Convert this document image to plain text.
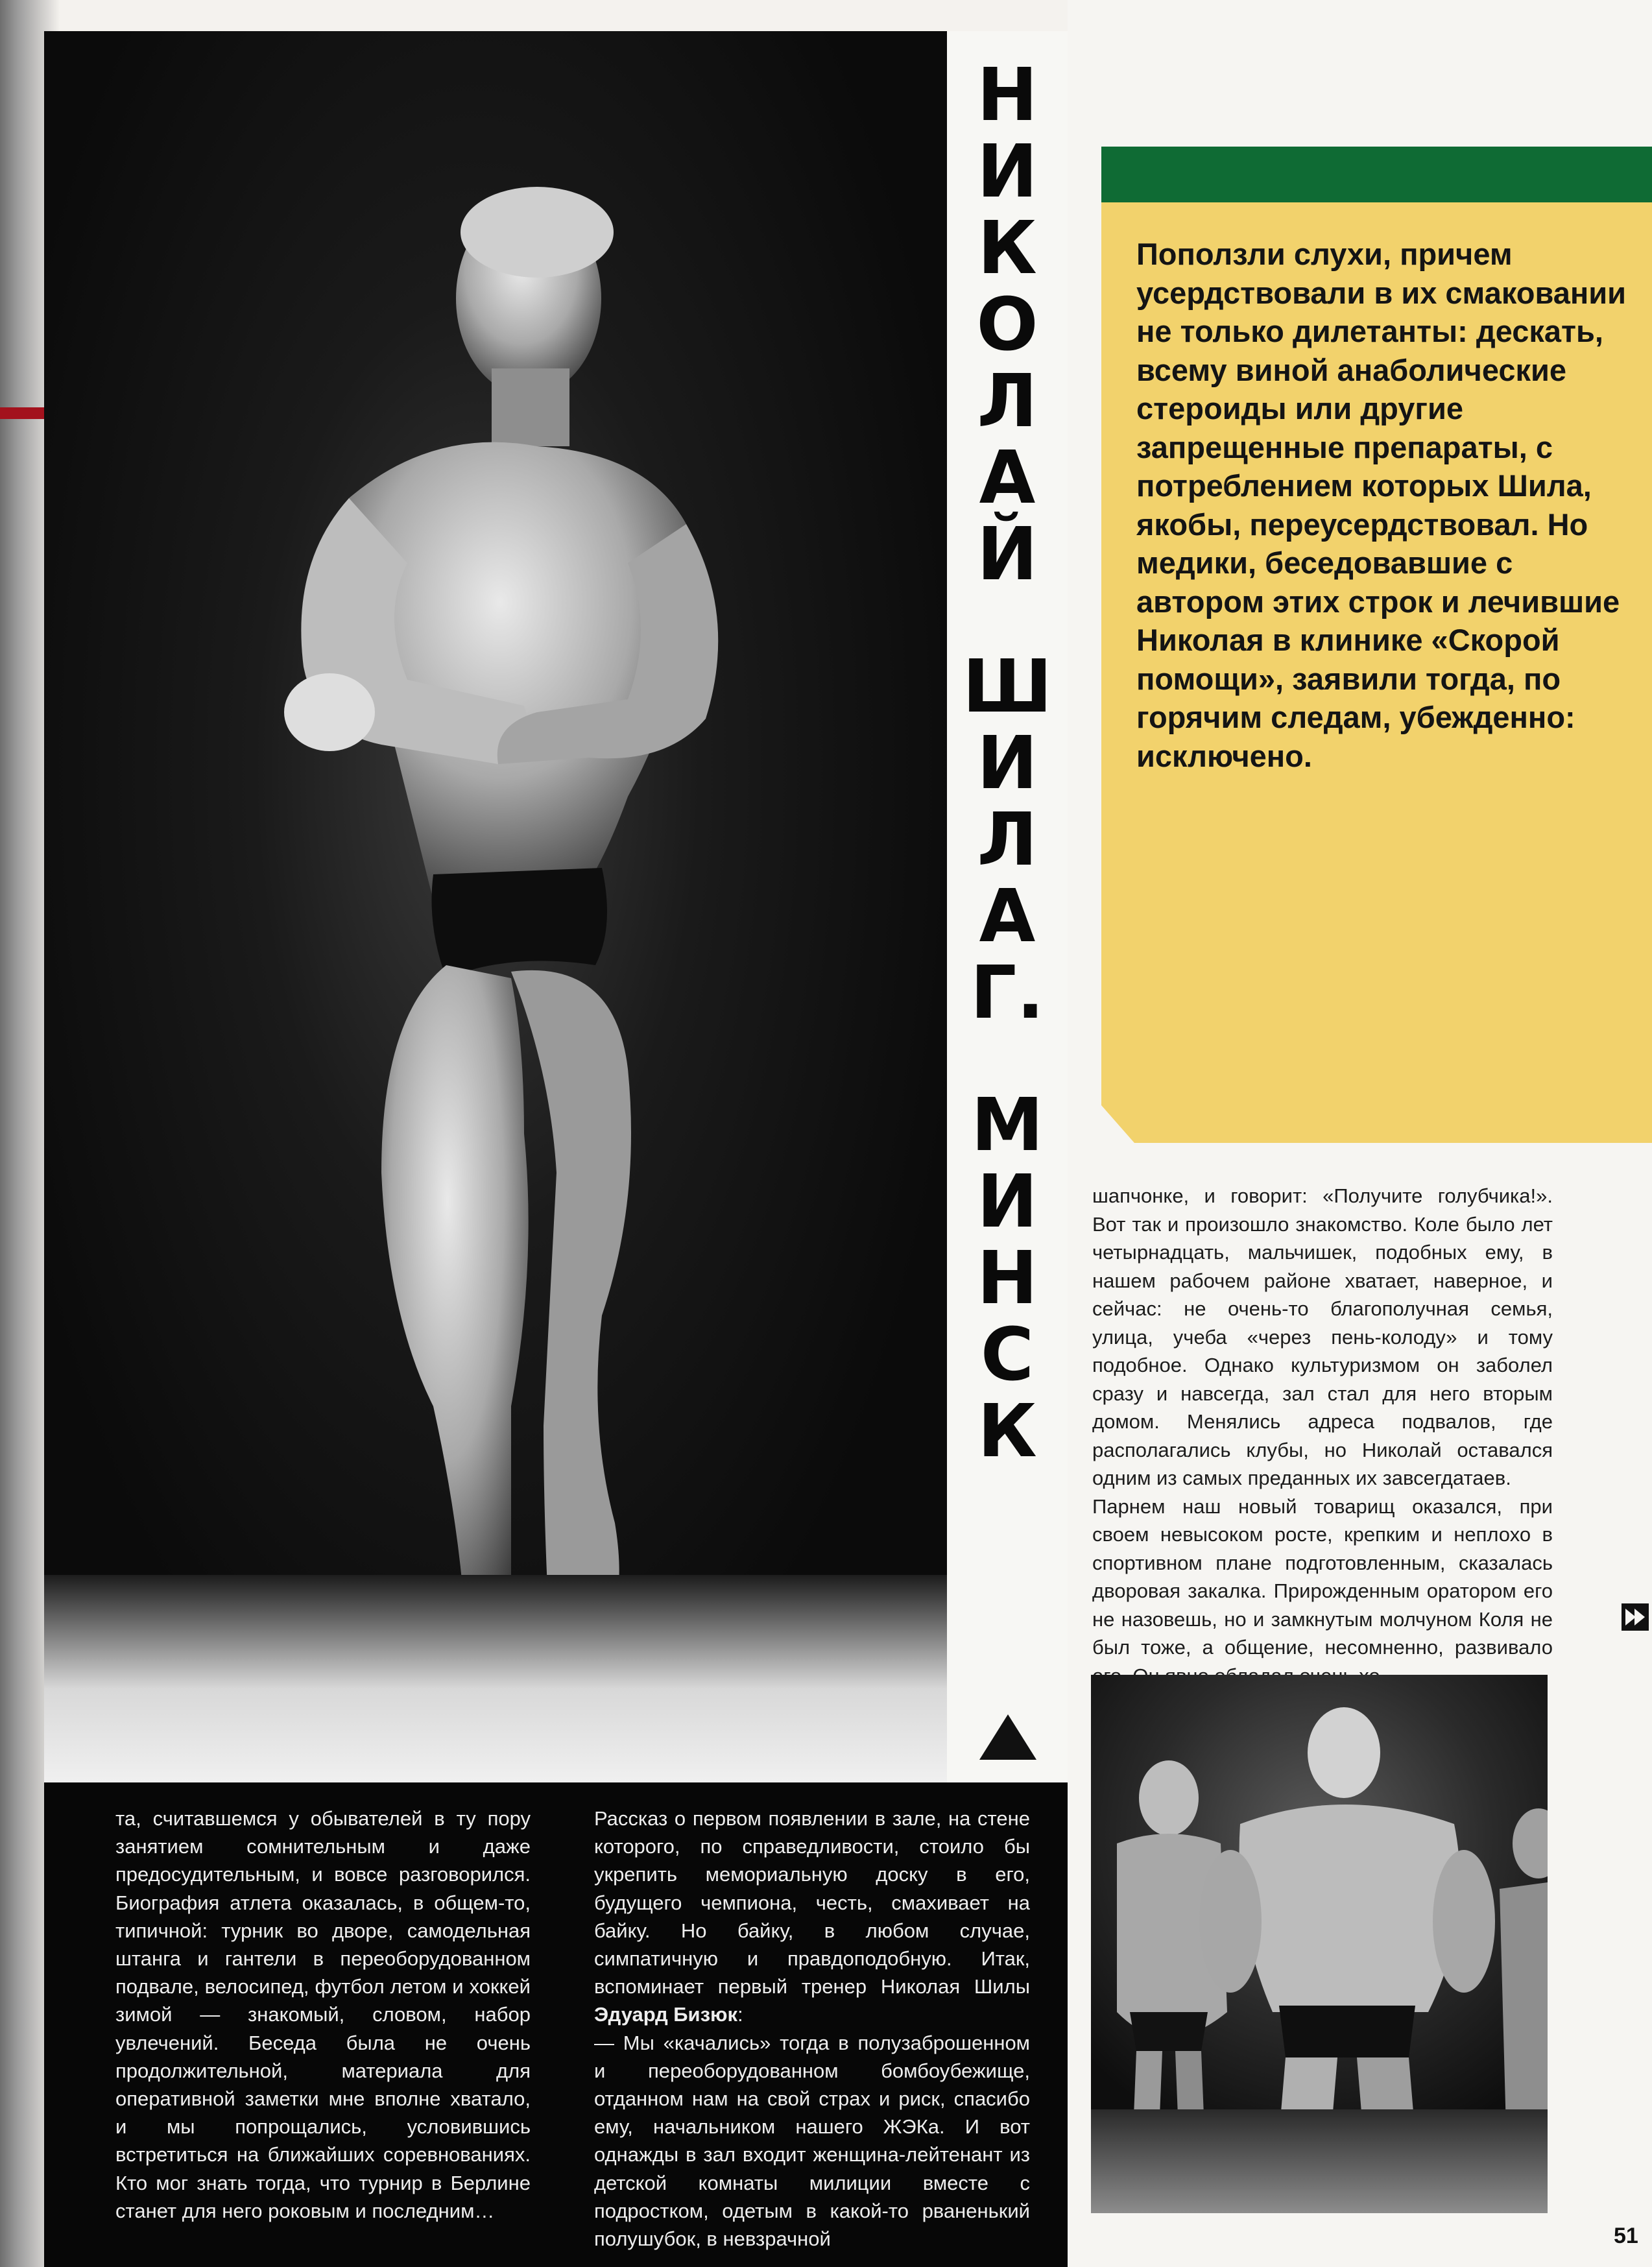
Н
И
К
О
Л
А
Й
Ш
И
Л
А
Г.
М
И
Н
С
К
Поползли слухи, причем усердствовали в их смаковании не только дилетанты: дескать, всему виной анаболические стероиды или другие запрещенные препараты, с потреблением которых Шила, якобы, переусердствовал. Но медики, беседовавшие с автором этих строк и лечившие Николая в клинике «Скорой помощи», заявили тогда, по горячим следам, убежденно: исключено.

шапчонке, и говорит: «Получите голубчика!». Вот так и произошло знакомство. Коле было лет четырнадцать, мальчишек, подобных ему, в нашем рабочем районе хватает, наверное, и сейчас: не очень-то благополучная семья, улица, учеба «через пень-колоду» и тому подобное. Однако культуризмом он заболел сразу и навсегда, зал стал для него вторым домом. Менялись адреса подвалов, где располагались клубы, но Николай оставался одним из самых преданных их завсегдатаев.

Парнем наш новый товарищ оказался, при своем невысоком росте, крепким и неплохо в спортивном плане подготовленным, сказалась дворовая закалка. Прирожденным оратором его не назовешь, но и замкнутым молчуном Коля не был тоже, а общение, несомненно, развивало

та, считавшемся у обывателей в ту пору занятием сомнительным и даже предосудительным, и вовсе разговорился. Биография атлета оказалась, в общем-то, типичной: турник во дворе, самодельная штанга и гантели в переоборудованном подвале, велосипед, футбол летом и хоккей зимой — знакомый, словом, набор увлечений. Беседа была не очень продолжительной, материала для оперативной заметки мне вполне хватало, и мы попрощались, условившись встретиться на ближайших соревнованиях. Кто мог знать тогда, что турнир в Берлине станет для него роковым и последним…

Рассказ о первом появлении в зале, на стене которого, по справедливости, стоило бы укрепить мемориальную доску в его, будущего чемпиона, честь, смахивает на байку. Но байку, в любом случае, симпатичную и правдоподобную. Итак, вспоминает первый тренер Николая Шилы Эдуард Бизюк:

— Мы «качались» тогда в полузаброшенном и переоборудованном бомбоубежище, отданном нам на свой страх и риск, спасибо ему, начальником нашего ЖЭКа. И вот однажды в зал входит женщина-лейтенант из детской комнаты милиции вместе с подростком, одетым в какой-то рваненький полушубок, в невзрачной	51
